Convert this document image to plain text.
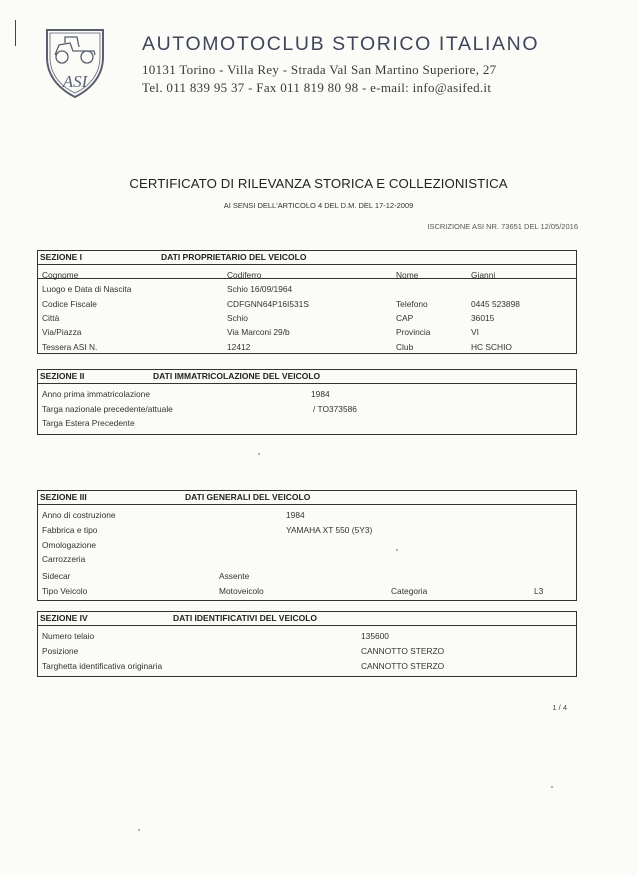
ASI
AUTOMOTOCLUB STORICO ITALIANO
10131 Torino - Villa Rey - Strada Val San Martino Superiore, 27
Tel. 011 839 95 37 - Fax 011 819 80 98 - e-mail: info@asifed.it
CERTIFICATO DI RILEVANZA STORICA E COLLEZIONISTICA
AI SENSI DELL'ARTICOLO 4 DEL D.M. DEL 17-12-2009
ISCRIZIONE ASI NR. 73651 DEL 12/05/2016
SEZIONE I	DATI PROPRIETARIO DEL VEICOLO
Cognome	Codiferro	Nome	Gianni
Luogo e Data di Nascita	Schio 16/09/1964
Codice Fiscale	CDFGNN64P16I531S	Telefono	0445 523898
Città	Schio	CAP	36015
Via/Piazza	Via Marconi 29/b	Provincia	VI
Tessera ASI N.	12412	Club	HC SCHIO
SEZIONE II	DATI IMMATRICOLAZIONE DEL VEICOLO
Anno prima immatricolazione	1984
Targa nazionale precedente/attuale	/ TO373586
Targa Estera Precedente
SEZIONE III	DATI GENERALI DEL VEICOLO
Anno di costruzione	1984
Fabbrica e tipo	YAMAHA XT 550 (5Y3)
Omologazione
Carrozzeria
Sidecar	Assente
Tipo Veicolo	Motoveicolo	Categoria	L3
SEZIONE IV	DATI IDENTIFICATIVI DEL VEICOLO
Numero telaio	135600
Posizione	CANNOTTO STERZO
Targhetta identificativa originaria	CANNOTTO STERZO
1 / 4
